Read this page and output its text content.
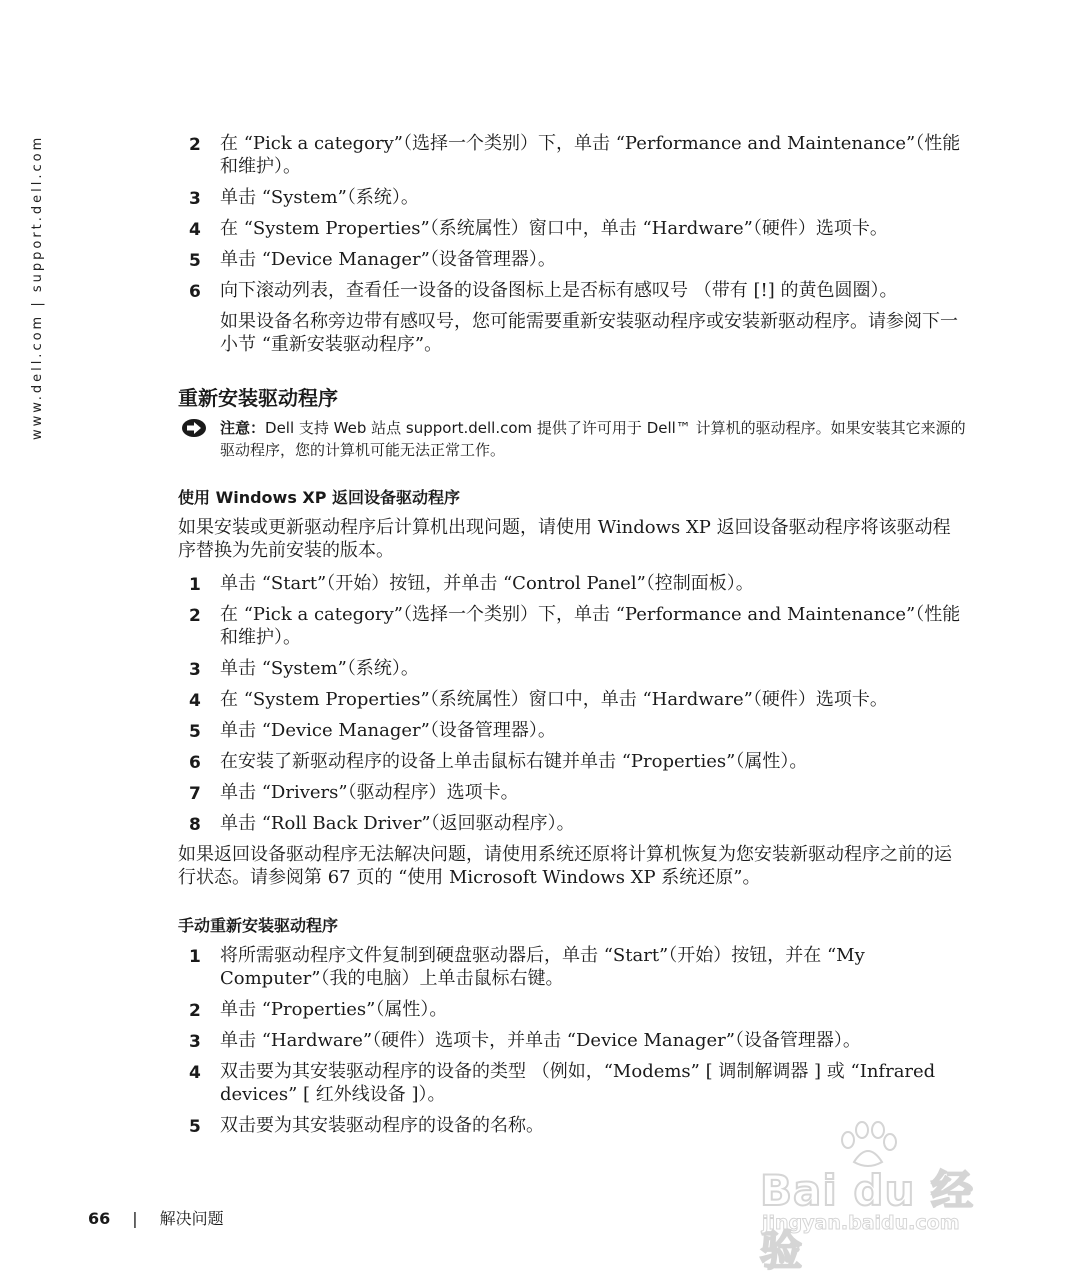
www.dell.com | support.dell.com	2 在 “Pick a category”（选择一个类别）下，单击 “Performance and Maintenance”（性能和维护）。
3 单击 “System”（系统）。
4 在 “System Properties”（系统属性）窗口中，单击 “Hardware”（硬件）选项卡。
5 单击 “Device Manager”（设备管理器）。
6 向下滚动列表，查看任一设备的设备图标上是否标有感叹号 （带有 [!] 的黄色圆圈）。
如果设备名称旁边带有感叹号，您可能需要重新安装驱动程序或安装新驱动程序。请参阅下一小节 “重新安装驱动程序”。
重新安装驱动程序
注意：Dell 支持 Web 站点 support.dell.com 提供了许可用于 Dell™ 计算机的驱动程序。如果安装其它来源的驱动程序，您的计算机可能无法正常工作。
使用 Windows XP 返回设备驱动程序
如果安装或更新驱动程序后计算机出现问题，请使用 Windows XP 返回设备驱动程序将该驱动程序替换为先前安装的版本。
1 单击 “Start”（开始）按钮，并单击 “Control Panel”（控制面板）。
2 在 “Pick a category”（选择一个类别）下，单击 “Performance and Maintenance”（性能和维护）。
3 单击 “System”（系统）。
4 在 “System Properties”（系统属性）窗口中，单击 “Hardware”（硬件）选项卡。
5 单击 “Device Manager”（设备管理器）。
6 在安装了新驱动程序的设备上单击鼠标右键并单击 “Properties”（属性）。
7 单击 “Drivers”（驱动程序）选项卡。
8 单击 “Roll Back Driver”（返回驱动程序）。
如果返回设备驱动程序无法解决问题，请使用系统还原将计算机恢复为您安装新驱动程序之前的运行状态。请参阅第 67 页的 “使用 Microsoft Windows XP 系统还原”。
手动重新安装驱动程序
1 将所需驱动程序文件复制到硬盘驱动器后，单击 “Start”（开始）按钮，并在 “My Computer”（我的电脑）上单击鼠标右键。
2 单击 “Properties”（属性）。
3 单击 “Hardware”（硬件）选项卡，并单击 “Device Manager”（设备管理器）。
4 双击要为其安装驱动程序的设备的类型 （例如，“Modems” [ 调制解调器 ] 或 “Infrared devices” [ 红外线设备 ]）。
5 双击要为其安装驱动程序的设备的名称。
66 | 解决问题
Bai du 经验
jingyan.baidu.com
